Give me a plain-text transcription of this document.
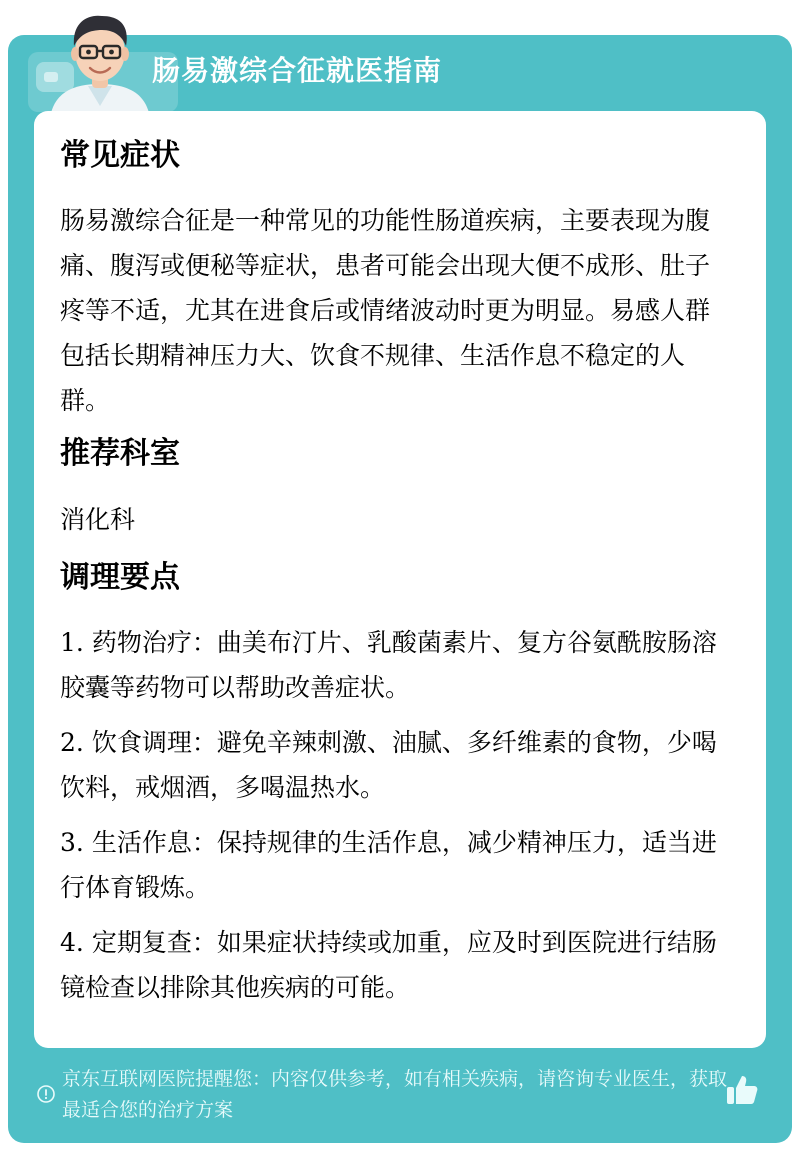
肠易激综合征就医指南
常见症状

肠易激综合征是一种常见的功能性肠道疾病，主要表现为腹痛、腹泻或便秘等症状，患者可能会出现大便不成形、肚子疼等不适，尤其在进食后或情绪波动时更为明显。易感人群包括长期精神压力大、饮食不规律、生活作息不稳定的人群。

推荐科室

消化科

调理要点

1. 药物治疗：曲美布汀片、乳酸菌素片、复方谷氨酰胺肠溶胶囊等药物可以帮助改善症状。

2. 饮食调理：避免辛辣刺激、油腻、多纤维素的食物，少喝饮料，戒烟酒，多喝温热水。

3. 生活作息：保持规律的生活作息，减少精神压力，适当进行体育锻炼。

4. 定期复查：如果症状持续或加重，应及时到医院进行结肠镜检查以排除其他疾病的可能。

京东互联网医院提醒您：内容仅供参考，如有相关疾病，请咨询专业医生，获取最适合您的治疗方案
